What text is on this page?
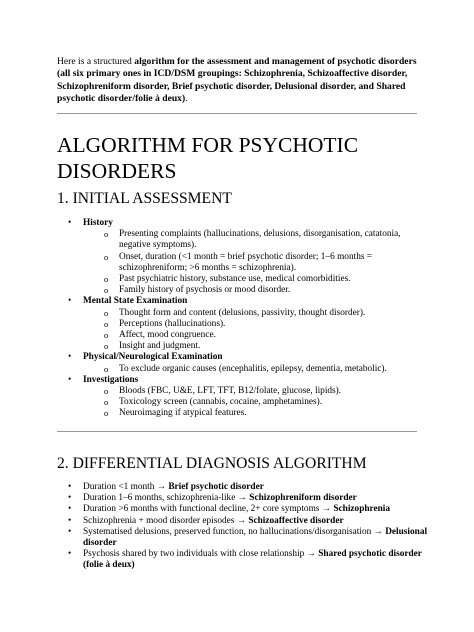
Here is a structured algorithm for the assessment and management of psychotic disorders (all six primary ones in ICD/DSM groupings: Schizophrenia, Schizoaffective disorder, Schizophreniform disorder, Brief psychotic disorder, Delusional disorder, and Shared psychotic disorder/folie à deux).

ALGORITHM FOR PSYCHOTIC DISORDERS
1. INITIAL ASSESSMENT
• History
o Presenting complaints (hallucinations, delusions, disorganisation, catatonia, negative symptoms).
o Onset, duration (<1 month = brief psychotic disorder; 1–6 months = schizophreniform; >6 months = schizophrenia).
o Past psychiatric history, substance use, medical comorbidities.
o Family history of psychosis or mood disorder.
• Mental State Examination
o Thought form and content (delusions, passivity, thought disorder).
o Perceptions (hallucinations).
o Affect, mood congruence.
o Insight and judgment.
• Physical/Neurological Examination
o To exclude organic causes (encephalitis, epilepsy, dementia, metabolic).
• Investigations
o Bloods (FBC, U&E, LFT, TFT, B12/folate, glucose, lipids).
o Toxicology screen (cannabis, cocaine, amphetamines).
o Neuroimaging if atypical features.
2. DIFFERENTIAL DIAGNOSIS ALGORITHM
• Duration <1 month → Brief psychotic disorder
• Duration 1–6 months, schizophrenia-like → Schizophreniform disorder
• Duration >6 months with functional decline, 2+ core symptoms → Schizophrenia
• Schizophrenia + mood disorder episodes → Schizoaffective disorder
• Systematised delusions, preserved function, no hallucinations/disorganisation → Delusional disorder
• Psychosis shared by two individuals with close relationship → Shared psychotic disorder (folie à deux)
